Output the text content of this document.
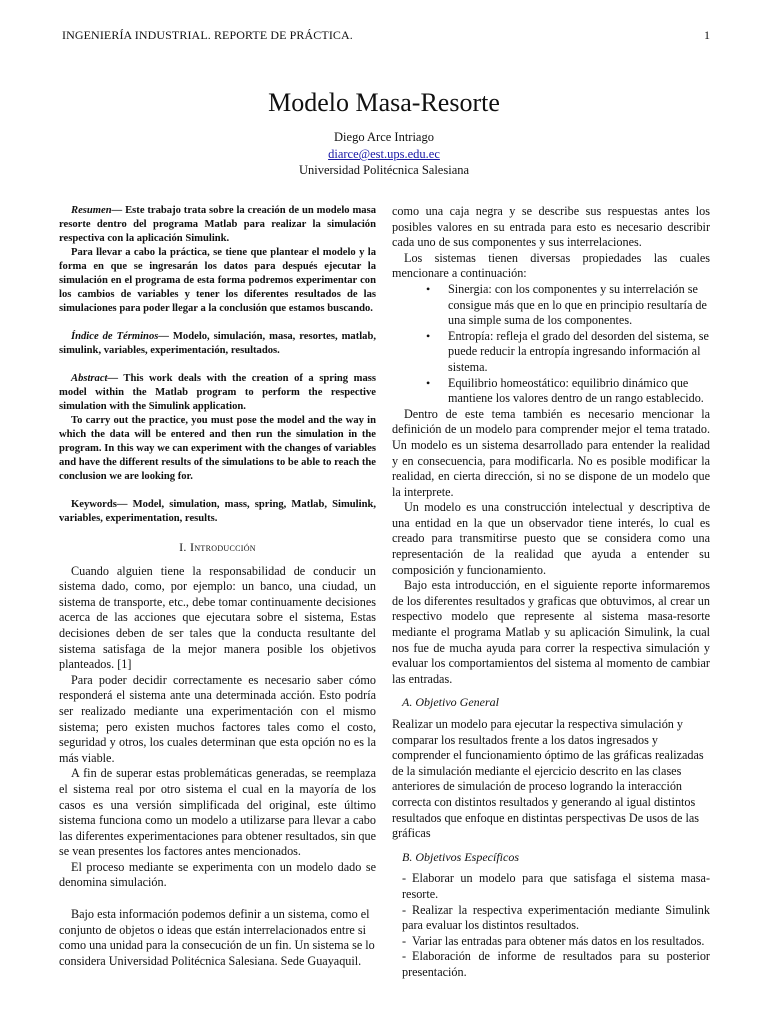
INGENIERÍA INDUSTRIAL. REPORTE DE PRÁCTICA.	1
Modelo Masa-Resorte
Diego Arce Intriago
diarce@est.ups.edu.ec
Universidad Politécnica Salesiana

Resumen— Este trabajo trata sobre la creación de un modelo masa resorte dentro del programa Matlab para realizar la simulación respectiva con la aplicación Simulink.

Para llevar a cabo la práctica, se tiene que plantear el modelo y la forma en que se ingresarán los datos para después ejecutar la simulación en el programa de esta forma podremos experimentar con los cambios de variables y tener los diferentes resultados de las simulaciones para poder llegar a la conclusión que estamos buscando.

Índice de Términos— Modelo, simulación, masa, resortes, matlab, simulink, variables, experimentación, resultados.

Abstract— This work deals with the creation of a spring mass model within the Matlab program to perform the respective simulation with the Simulink application.

To carry out the practice, you must pose the model and the way in which the data will be entered and then run the simulation in the program. In this way we can experiment with the changes of variables and have the different results of the simulations to be able to reach the conclusion we are looking for.

Keywords— Model, simulation, mass, spring, Matlab, Simulink, variables, experimentation, results.

I. Introducción

Cuando alguien tiene la responsabilidad de conducir un sistema dado, como, por ejemplo: un banco, una ciudad, un sistema de transporte, etc., debe tomar continuamente decisiones acerca de las acciones que ejecutara sobre el sistema, Estas decisiones deben de ser tales que la conducta resultante del sistema satisfaga de la mejor manera posible los objetivos planteados. [1]

Para poder decidir correctamente es necesario saber cómo responderá el sistema ante una determinada acción. Esto podría ser realizado mediante una experimentación con el mismo sistema; pero existen muchos factores tales como el costo, seguridad y otros, los cuales determinan que esta opción no es la más viable.

A fin de superar estas problemáticas generadas, se reemplaza el sistema real por otro sistema el cual en la mayoría de los casos es una versión simplificada del original, este último sistema funciona como un modelo a utilizarse para llevar a cabo las diferentes experimentaciones para obtener resultados, sin que se vean presentes los factores antes mencionados.

El proceso mediante se experimenta con un modelo dado se denomina simulación.

Bajo esta información podemos definir a un sistema, como el conjunto de objetos o ideas que están interrelacionados entre si como una unidad para la consecución de un fin. Un sistema se lo considera Universidad Politécnica Salesiana. Sede Guayaquil.

como una caja negra y se describe sus respuestas antes los posibles valores en su entrada para esto es necesario describir cada uno de sus componentes y sus interrelaciones.

Los sistemas tienen diversas propiedades las cuales mencionare a continuación:

• Sinergia: con los componentes y su interrelación se consigue más que en lo que en principio resultaría de una simple suma de los componentes.
• Entropía: refleja el grado del desorden del sistema, se puede reducir la entropía ingresando información al sistema.
• Equilibrio homeostático: equilibrio dinámico que mantiene los valores dentro de un rango establecido.

Dentro de este tema también es necesario mencionar la definición de un modelo para comprender mejor el tema tratado. Un modelo es un sistema desarrollado para entender la realidad y en consecuencia, para modificarla. No es posible modificar la realidad, en cierta dirección, si no se dispone de un modelo que la interprete.

Un modelo es una construcción intelectual y descriptiva de una entidad en la que un observador tiene interés, lo cual es creado para transmitirse puesto que se considera como una representación de la realidad que ayuda a entender su composición y funcionamiento.

Bajo esta introducción, en el siguiente reporte informaremos de los diferentes resultados y graficas que obtuvimos, al crear un respectivo modelo que represente al sistema masa-resorte mediante el programa Matlab y su aplicación Simulink, la cual nos fue de mucha ayuda para correr la respectiva simulación y evaluar los comportamientos del sistema al momento de cambiar las entradas.

A. Objetivo General

Realizar un modelo para ejecutar la respectiva simulación y comparar los resultados frente a los datos ingresados y comprender el funcionamiento óptimo de las gráficas realizadas de la simulación mediante el ejercicio descrito en las clases anteriores de simulación de proceso logrando la interacción correcta con distintos resultados y generando al igual distintos resultados que enfoque en distintas perspectivas De usos de las gráficas

B. Objetivos Específicos
- Elaborar un modelo para que satisfaga el sistema masa-resorte.
- Realizar la respectiva experimentación mediante Simulink para evaluar los distintos resultados.
- Variar las entradas para obtener más datos en los resultados.
- Elaboración de informe de resultados para su posterior presentación.
